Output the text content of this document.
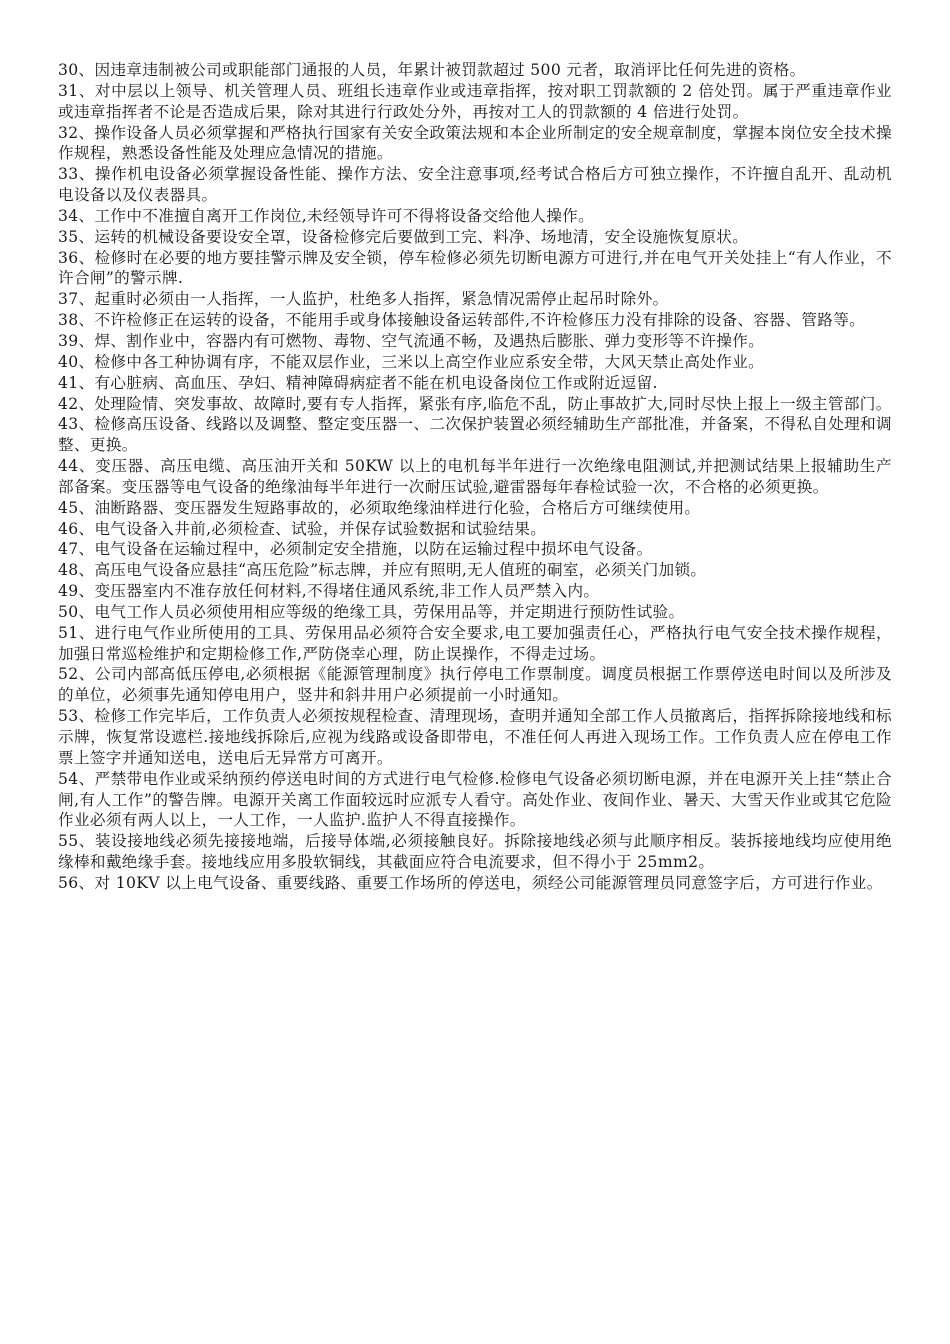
30、因违章违制被公司或职能部门通报的人员，年累计被罚款超过 500 元者，取消评比任何先进的资格。

31、对中层以上领导、机关管理人员、班组长违章作业或违章指挥，按对职工罚款额的 2 倍处罚。属于严重违章作业或违章指挥者不论是否造成后果，除对其进行行政处分外，再按对工人的罚款额的 4 倍进行处罚。

32、操作设备人员必须掌握和严格执行国家有关安全政策法规和本企业所制定的安全规章制度，掌握本岗位安全技术操作规程，熟悉设备性能及处理应急情况的措施。

33、操作机电设备必须掌握设备性能、操作方法、安全注意事项,经考试合格后方可独立操作，不许擅自乱开、乱动机电设备以及仪表器具。

34、工作中不准擅自离开工作岗位,未经领导许可不得将设备交给他人操作。

35、运转的机械设备要设安全罩，设备检修完后要做到工完、料净、场地清，安全设施恢复原状。

36、检修时在必要的地方要挂警示牌及安全锁，停车检修必须先切断电源方可进行,并在电气开关处挂上“有人作业，不许合闸”的警示牌.

37、起重时必须由一人指挥，一人监护，杜绝多人指挥，紧急情况需停止起吊时除外。

38、不许检修正在运转的设备，不能用手或身体接触设备运转部件,不许检修压力没有排除的设备、容器、管路等。

39、焊、割作业中，容器内有可燃物、毒物、空气流通不畅，及遇热后膨胀、弹力变形等不许操作。

40、检修中各工种协调有序，不能双层作业，三米以上高空作业应系安全带，大风天禁止高处作业。

41、有心脏病、高血压、孕妇、精神障碍病症者不能在机电设备岗位工作或附近逗留.

42、处理险情、突发事故、故障时,要有专人指挥，紧张有序,临危不乱，防止事故扩大,同时尽快上报上一级主管部门。

43、检修高压设备、线路以及调整、整定变压器一、二次保护装置必须经辅助生产部批准，并备案，不得私自处理和调整、更换。

44、变压器、高压电缆、高压油开关和 50KW 以上的电机每半年进行一次绝缘电阻测试,并把测试结果上报辅助生产部备案。变压器等电气设备的绝缘油每半年进行一次耐压试验,避雷器每年春检试验一次，不合格的必须更换。

45、油断路器、变压器发生短路事故的，必须取绝缘油样进行化验，合格后方可继续使用。

46、电气设备入井前,必须检查、试验，并保存试验数据和试验结果。

47、电气设备在运输过程中，必须制定安全措施，以防在运输过程中损坏电气设备。

48、高压电气设备应悬挂“高压危险”标志牌，并应有照明,无人值班的硐室，必须关门加锁。

49、变压器室内不准存放任何材料,不得堵住通风系统,非工作人员严禁入内。

50、电气工作人员必须使用相应等级的绝缘工具，劳保用品等，并定期进行预防性试验。

51、进行电气作业所使用的工具、劳保用品必须符合安全要求,电工要加强责任心，严格执行电气安全技术操作规程，加强日常巡检维护和定期检修工作,严防侥幸心理，防止误操作，不得走过场。

52、公司内部高低压停电,必须根据《能源管理制度》执行停电工作票制度。调度员根据工作票停送电时间以及所涉及的单位，必须事先通知停电用户，竖井和斜井用户必须提前一小时通知。

53、检修工作完毕后，工作负责人必须按规程检查、清理现场，查明并通知全部工作人员撤离后，指挥拆除接地线和标示牌，恢复常设遮栏.接地线拆除后,应视为线路或设备即带电，不准任何人再进入现场工作。工作负责人应在停电工作票上签字并通知送电，送电后无异常方可离开。

54、严禁带电作业或采纳预约停送电时间的方式进行电气检修.检修电气设备必须切断电源，并在电源开关上挂“禁止合闸,有人工作”的警告牌。电源开关离工作面较远时应派专人看守。高处作业、夜间作业、暑天、大雪天作业或其它危险作业必须有两人以上，一人工作，一人监护.监护人不得直接操作。

55、装设接地线必须先接接地端，后接导体端,必须接触良好。拆除接地线必须与此顺序相反。装拆接地线均应使用绝缘棒和戴绝缘手套。接地线应用多股软铜线，其截面应符合电流要求，但不得小于 25mm2。

56、对 10KV 以上电气设备、重要线路、重要工作场所的停送电，须经公司能源管理员同意签字后，方可进行作业。
